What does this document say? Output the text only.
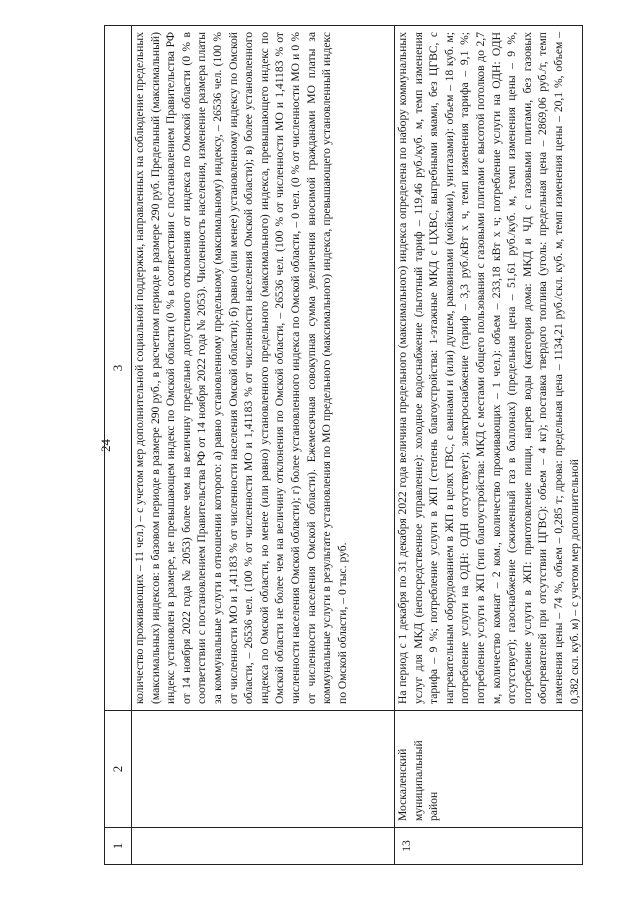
24
1	2	3
		количество проживающих – 11 чел.) – с учетом мер дополнительной социальной поддержки, направленных на соблюдение предельных (максимальных) индексов: в базовом периоде в размере 290 руб., в расчетном периоде в размере 290 руб. Предельный (максимальный) индекс установлен в размере, не превышающем индекс по Омской области (0 % в соответствии с постановлением Правительства РФ от 14 ноября 2022 года № 2053) более чем на величину предельно допустимого отклонения от индекса по Омской области (0 % в соответствии с постановлением Правительства РФ от 14 ноября 2022 года № 2053). Численность населения, изменение размера платы за коммунальные услуги в отношении которого: а) равно установленному предельному (максимальному) индексу, – 26536 чел. (100 % от численности МО и 1,41183 % от численности населения Омской области); б) равно (или менее) установленному индексу по Омской области, – 26536 чел. (100 % от численности МО и 1,41183 % от численности населения Омской области); в) более установленного индекса по Омской области, но менее (или равно) установленного предельного (максимального) индекса, превышающего индекс по Омской области не более чем на величину отклонения по Омской области, – 26536 чел. (100 % от численности МО и 1,41183 % от численности населения Омской области); г) более установленного индекса по Омской области, – 0 чел. (0 % от численности МО и 0 % от численности населения Омской области). Ежемесячная совокупная сумма увеличения вносимой гражданами МО платы за коммунальные услуги в результате установления по МО предельного (максимального) индекса, превышающего установленный индекс по Омской области, – 0 тыс. руб.
13	Москаленский муниципальный район	На период с 1 декабря по 31 декабря 2022 года величина предельного (максимального) индекса определена по набору коммунальных услуг для МКД (непосредственное управление): холодное водоснабжение (льготный тариф – 119,46 руб./куб. м, темп изменения тарифа – 9 %; потребление услуги в ЖП (степень благоустройства: 1-этажные МКД с ЦХВС, выгребными ямами, без ЦГВС, с нагревательным оборудованием в ЖП в целях ГВС, с ваннами и (или) душем, раковинами (мойками), унитазами): объем – 18 куб. м; потребление услуги на ОДН: ОДН отсутствует); электроснабжение (тариф – 3,3 руб./кВт х ч, темп изменения тарифа – 9,1 %; потребление услуги в ЖП (тип благоустройства: МКД с местами общего пользования с газовыми плитами с высотой потолков до 2,7 м, количество комнат – 2 ком., количество проживающих – 1 чел.): объем – 233,18 кВт х ч; потребление услуги на ОДН: ОДН отсутствует); газоснабжение (сжиженный газ в баллонах) (предельная цена – 51,61 руб./куб. м, темп изменения цены – 9 %, потребление услуги в ЖП: приготовление пищи, нагрев воды (категория дома: МКД и ЧД с газовыми плитами, без газовых обогревателей при отсутствии ЦГВС): объем – 4 кг); поставка твердого топлива (уголь: предельная цена – 2869,06 руб./т, темп изменения цены – 74 %, объем – 0,285 т; дрова: предельная цена – 1134,21 руб./скл. куб. м, темп изменения цены – 20,1 %, объем – 0,382 скл. куб. м) – с учетом мер дополнительной
